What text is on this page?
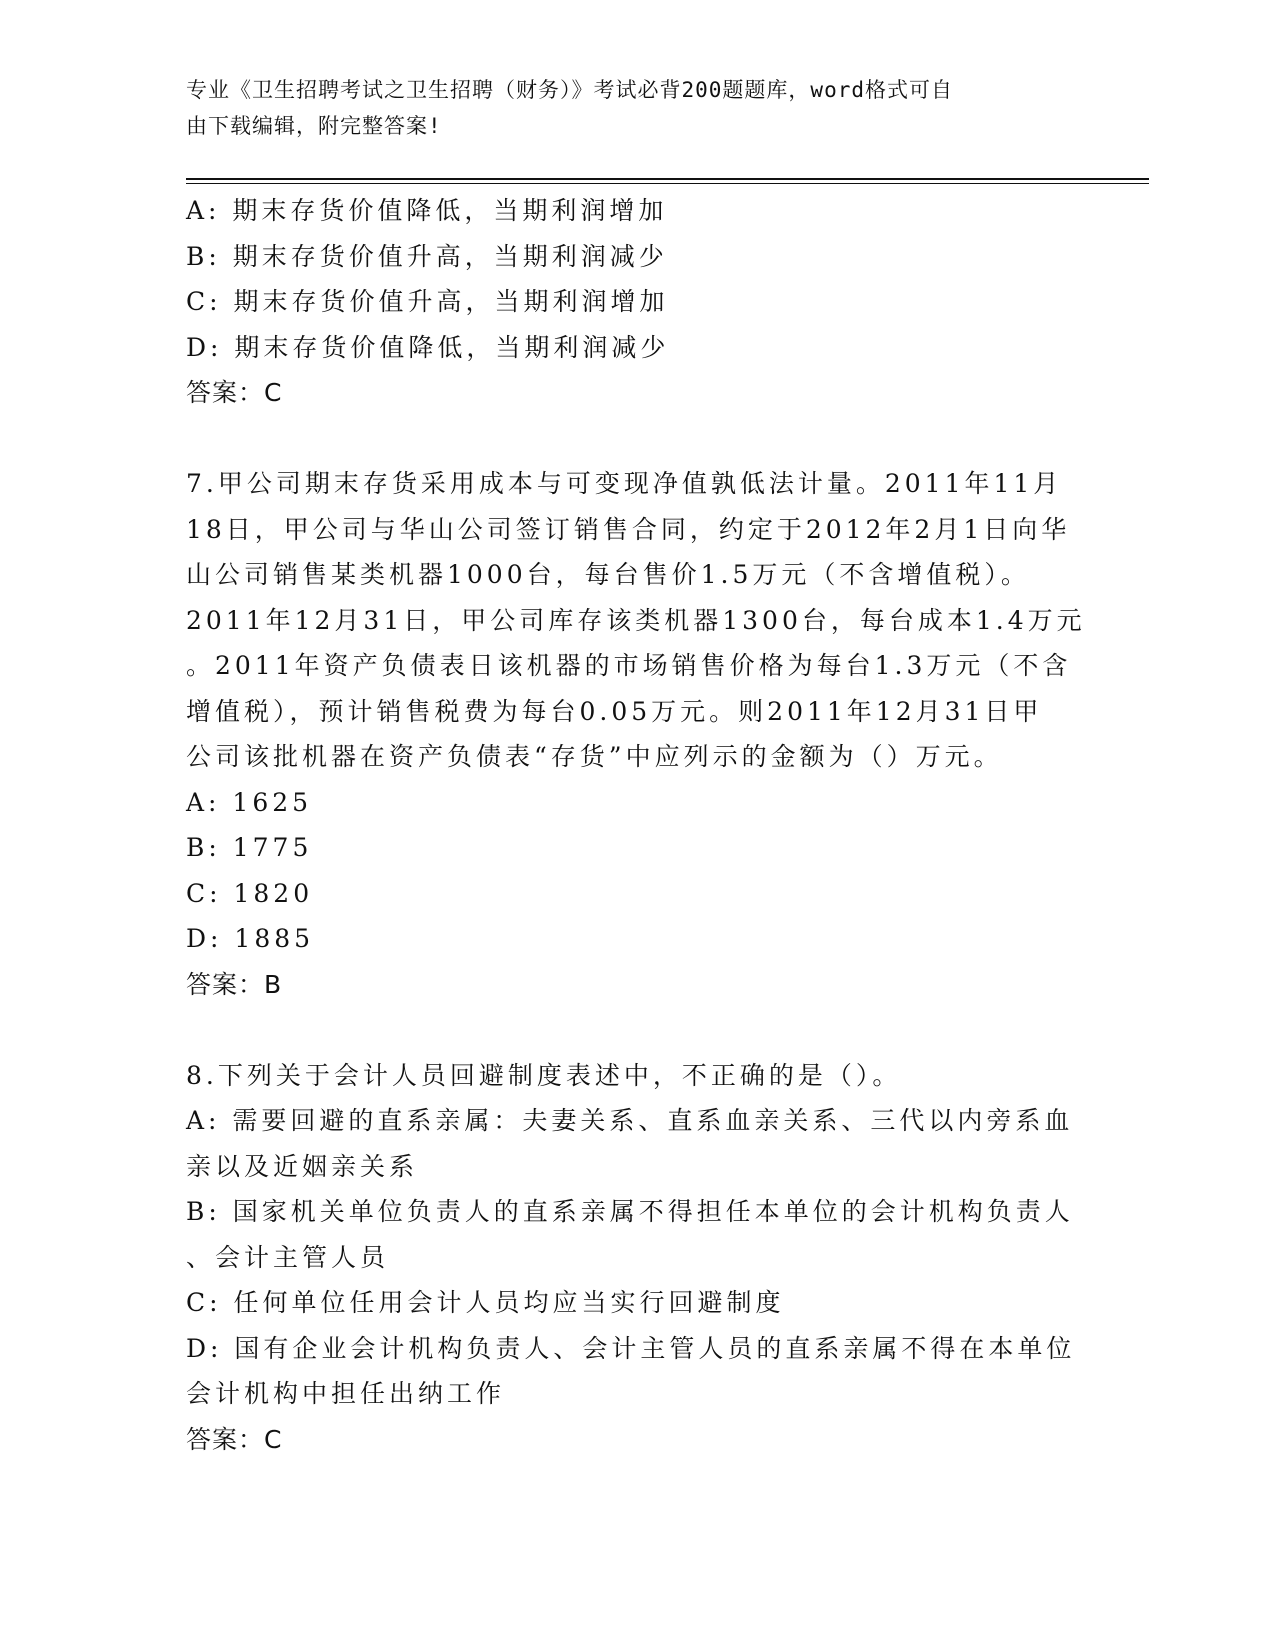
专业《卫生招聘考试之卫生招聘（财务）》考试必背200题题库，word格式可自
由下载编辑，附完整答案!
A: 期末存货价值降低，当期利润增加
B: 期末存货价值升高，当期利润减少
C: 期末存货价值升高，当期利润增加
D: 期末存货价值降低，当期利润减少
答案：C
7.甲公司期末存货采用成本与可变现净值孰低法计量。2011年11月
18日，甲公司与华山公司签订销售合同，约定于2012年2月1日向华
山公司销售某类机器1000台，每台售价1.5万元（不含增值税）。
2011年12月31日，甲公司库存该类机器1300台，每台成本1.4万元
。2011年资产负债表日该机器的市场销售价格为每台1.3万元（不含
增值税），预计销售税费为每台0.05万元。则2011年12月31日甲
公司该批机器在资产负债表“存货”中应列示的金额为（）万元。
A: 1625
B: 1775
C: 1820
D: 1885
答案：B
8.下列关于会计人员回避制度表述中，不正确的是（）。
A: 需要回避的直系亲属：夫妻关系、直系血亲关系、三代以内旁系血
亲以及近姻亲关系
B: 国家机关单位负责人的直系亲属不得担任本单位的会计机构负责人
、会计主管人员
C: 任何单位任用会计人员均应当实行回避制度
D: 国有企业会计机构负责人、会计主管人员的直系亲属不得在本单位
会计机构中担任出纳工作
答案：C
